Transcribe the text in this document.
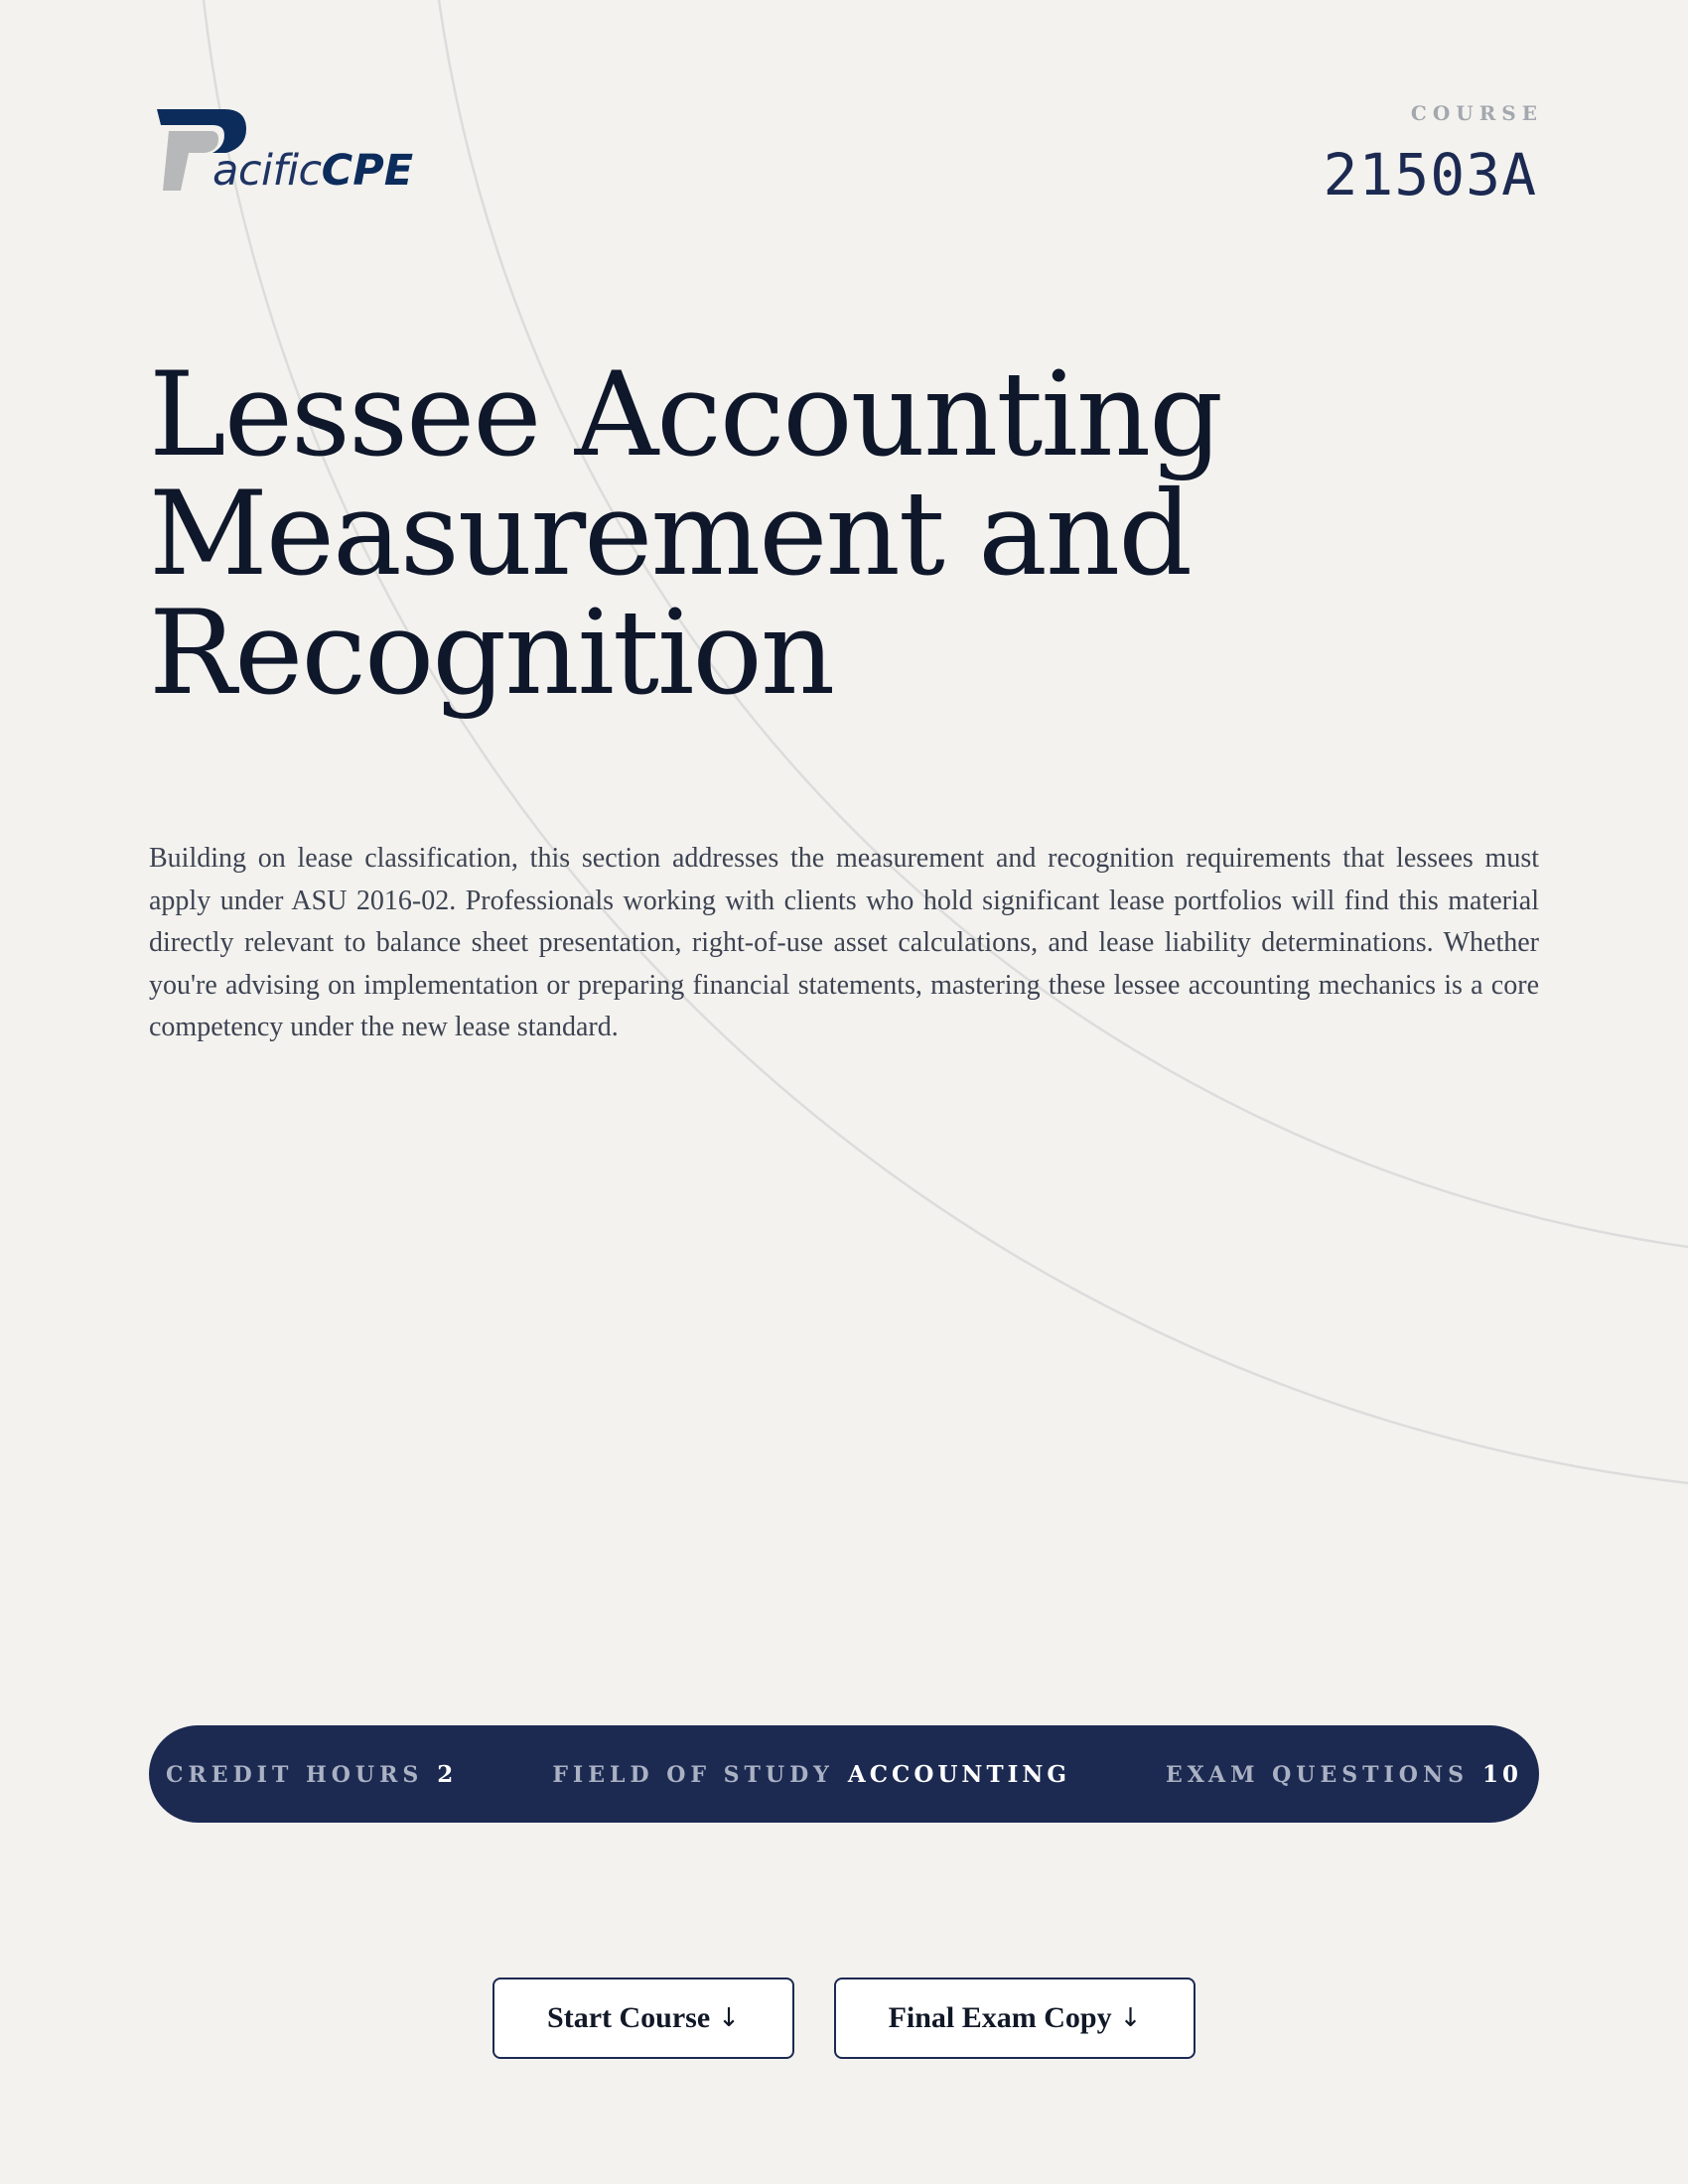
acificCPE
COURSE
21503A
Lessee Accounting
Measurement and
Recognition

Building on lease classification, this section addresses the measurement and recognition requirements that lessees must apply under ASU 2016-02. Professionals working with clients who hold significant lease portfolios will find this material directly relevant to balance sheet presentation, right-of-use asset calculations, and lease liability determinations. Whether you're advising on implementation or preparing financial statements, mastering these lessee accounting mechanics is a core competency under the new lease standard.

CREDIT HOURS 2	FIELD OF STUDY ACCOUNTING	EXAM QUESTIONS 10
Start Course ↓	Final Exam Copy ↓
